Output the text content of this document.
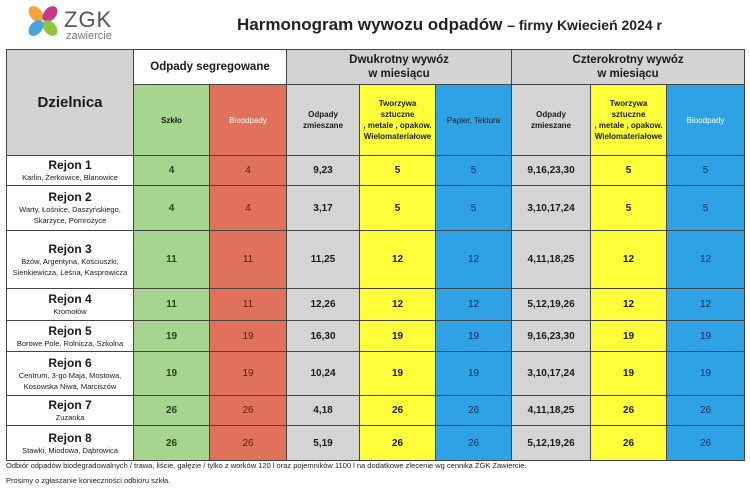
ZGK
zawiercie
Harmonogram wywozu odpadów – firmy Kwiecień 2024 r
Dzielnica	Odpady segregowane		Dwukrotny wywóz
w miesiącu			Czterokrotny wywóz
w miesiącu		
	Szkło	Bioodpady	Odpady
zmieszane	Tworzywa sztuczne
, metale , opakow.
Wielomateriałowe	Papier, Tektura	Odpady
zmieszane	Tworzywa sztuczne
, metale , opakow.
Wielomateriałowe	Bioodpady

Rejon 1
Karlin, Żerkowice, Blanowice	4	4	9,23	5	5	9,16,23,30	5	5

Rejon 2
Warty, Łośnice, Daszyńskiego,
Skarżyce, Pomrożyce	4	4	3,17	5	5	3,10,17,24	5	5

Rejon 3
Bzów, Argentyna, Kościuszki,
Sienkiewicza, Leśna, Kasprowicza	11	11	11,25	12	12	4,11,18,25	12	12

Rejon 4
Kromołów	11	11	12,26	12	12	5,12,19,26	12	12

Rejon 5
Borowe Pole, Rolnicza, Szkolna	19	19	16,30	19	19	9,16,23,30	19	19

Rejon 6
Centrum, 3-go Maja, Mostowa,
Kosowska Niwa, Marciszów	19	19	10,24	19	19	3,10,17,24	19	19

Rejon 7
Zuzanka	26	26	4,18	26	26	4,11,18,25	26	26

Rejon 8
Stawki, Miodowa, Dąbrowica	26	26	5,19	26	26	5,12,19,26	26	26
Odbiór odpadów biodegradowalnych / trawa, liście, gałęzie / tylko z worków 120 l oraz pojemników 1100 l na dodatkowe zlecenie wg cennika ZGK Zawiercie.
Prosimy o zgłaszanie konieczności odbioru szkła.
